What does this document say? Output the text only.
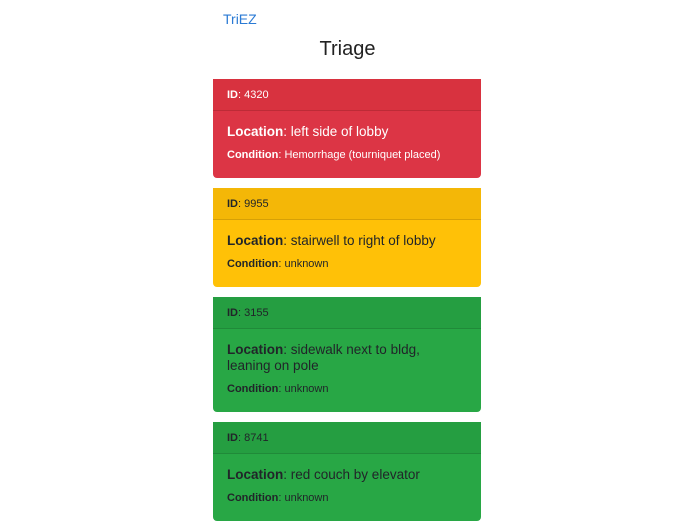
TriEZ
Triage
ID: 4320

Location: left side of lobby

Condition: Hemorrhage (tourniquet placed)

ID: 9955

Location: stairwell to right of lobby

Condition: unknown

ID: 3155

Location: sidewalk next to bldg, leaning on pole

Condition: unknown

ID: 8741

Location: red couch by elevator

Condition: unknown
